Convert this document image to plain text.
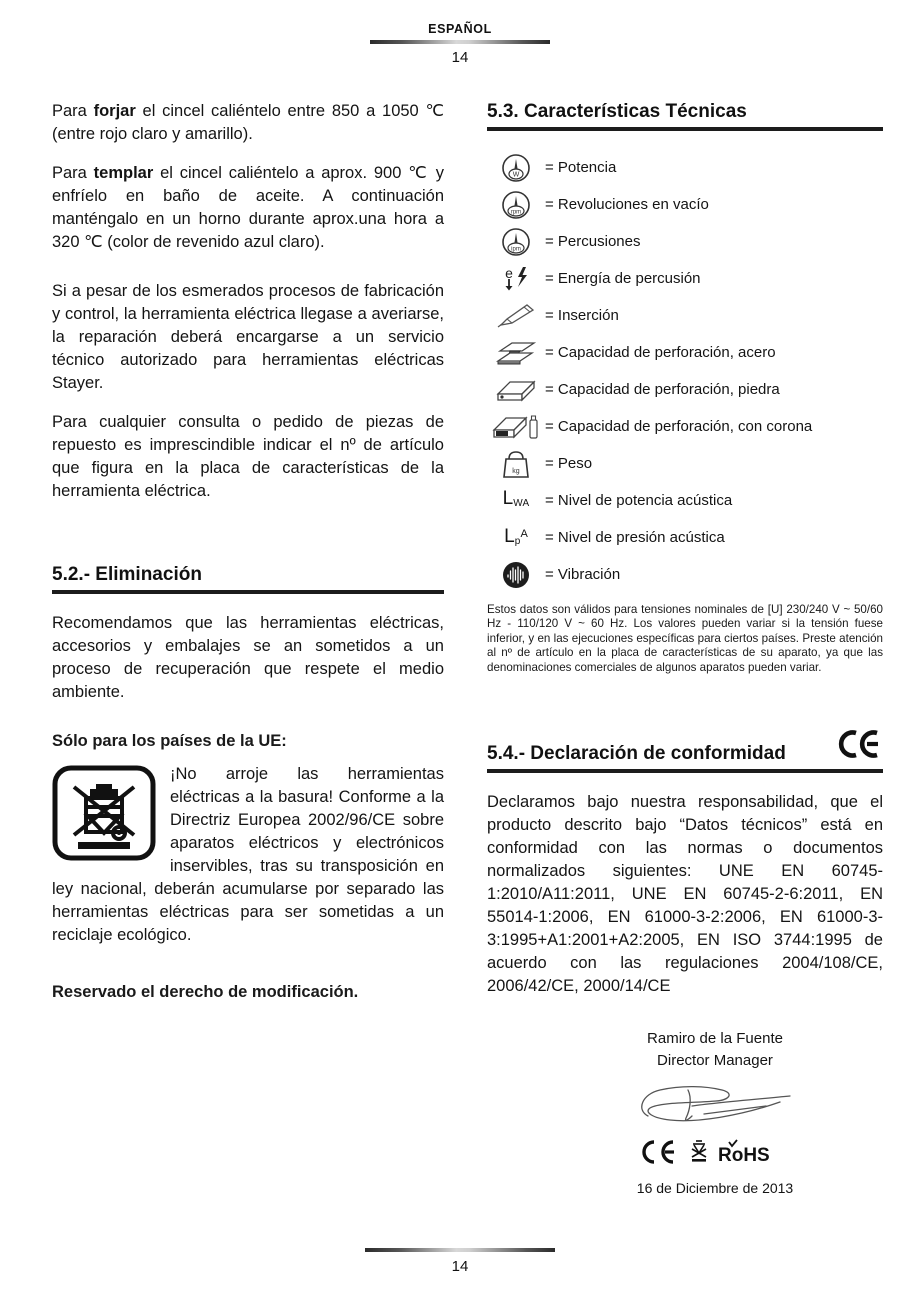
ESPAÑOL
14

Para forjar el cincel caliéntelo entre 850 a 1050 ℃ (entre rojo claro y amarillo).

Para templar el cincel caliéntelo a aprox. 900 ℃ y enfríelo en baño de aceite. A continuación manténgalo en un horno durante aprox.una hora a 320 ℃ (color de revenido azul claro).

Si a pesar de los esmerados procesos de fabricación y control, la herramienta eléctrica llegase a averiarse, la reparación deberá encargarse a un servicio técnico autorizado para herramientas eléctricas Stayer.

Para cualquier consulta o pedido de piezas de repuesto es imprescindible indicar el nº de artículo que figura en la placa de características de la herramienta eléctrica.

5.2.- Eliminación

Recomendamos que las herramientas eléctricas, accesorios y embalajes se an sometidos a un proceso de recuperación que respete el medio ambiente.

Sólo para los países de la UE:

¡No arroje las herramientas eléctricas a la basura! Conforme a la Directriz Europea 2002/96/CE sobre aparatos eléctricos y electrónicos inservibles, tras su transposición en ley nacional, deberán acumularse por separado las herramientas eléctricas para ser sometidas a un reciclaje ecológico.

Reservado el derecho de modificación.

5.3. Características Técnicas
W = Potencia
rpm = Revoluciones en vacío
ipm = Percusiones
e = Energía de percusión
= Inserción
= Capacidad de perforación, acero
= Capacidad de perforación, piedra
= Capacidad de perforación, con corona
kg = Peso
$L_{WA}$ = Nivel de potencia acústica
$L_p^A$ = Nivel de presión acústica
= Vibración

Estos datos son válidos para tensiones nominales de [U] 230/240 V ~ 50/60 Hz - 110/120 V ~ 60 Hz. Los valores pueden variar si la tensión fuese inferior, y en las ejecuciones específicas para ciertos países. Preste atención al nº de artículo en la placa de características de su aparato, ya que las denominaciones comerciales de algunos aparatos pueden variar.

5.4.- Declaración de conformidad

Declaramos bajo nuestra responsabilidad, que el producto descrito bajo “Datos técnicos” está en conformidad con las normas o documentos normalizados siguientes: UNE EN 60745-1:2010/A11:2011, UNE EN 60745-2-6:2011, EN 55014-1:2006, EN 61000-3-2:2006, EN 61000-3-3:1995+A1:2001+A2:2005, EN ISO 3744:1995 de acuerdo con las regulaciones 2004/108/CE, 2006/42/CE, 2000/14/CE

Ramiro de la Fuente
Director Manager
RoHS
16 de Diciembre de 2013
14
